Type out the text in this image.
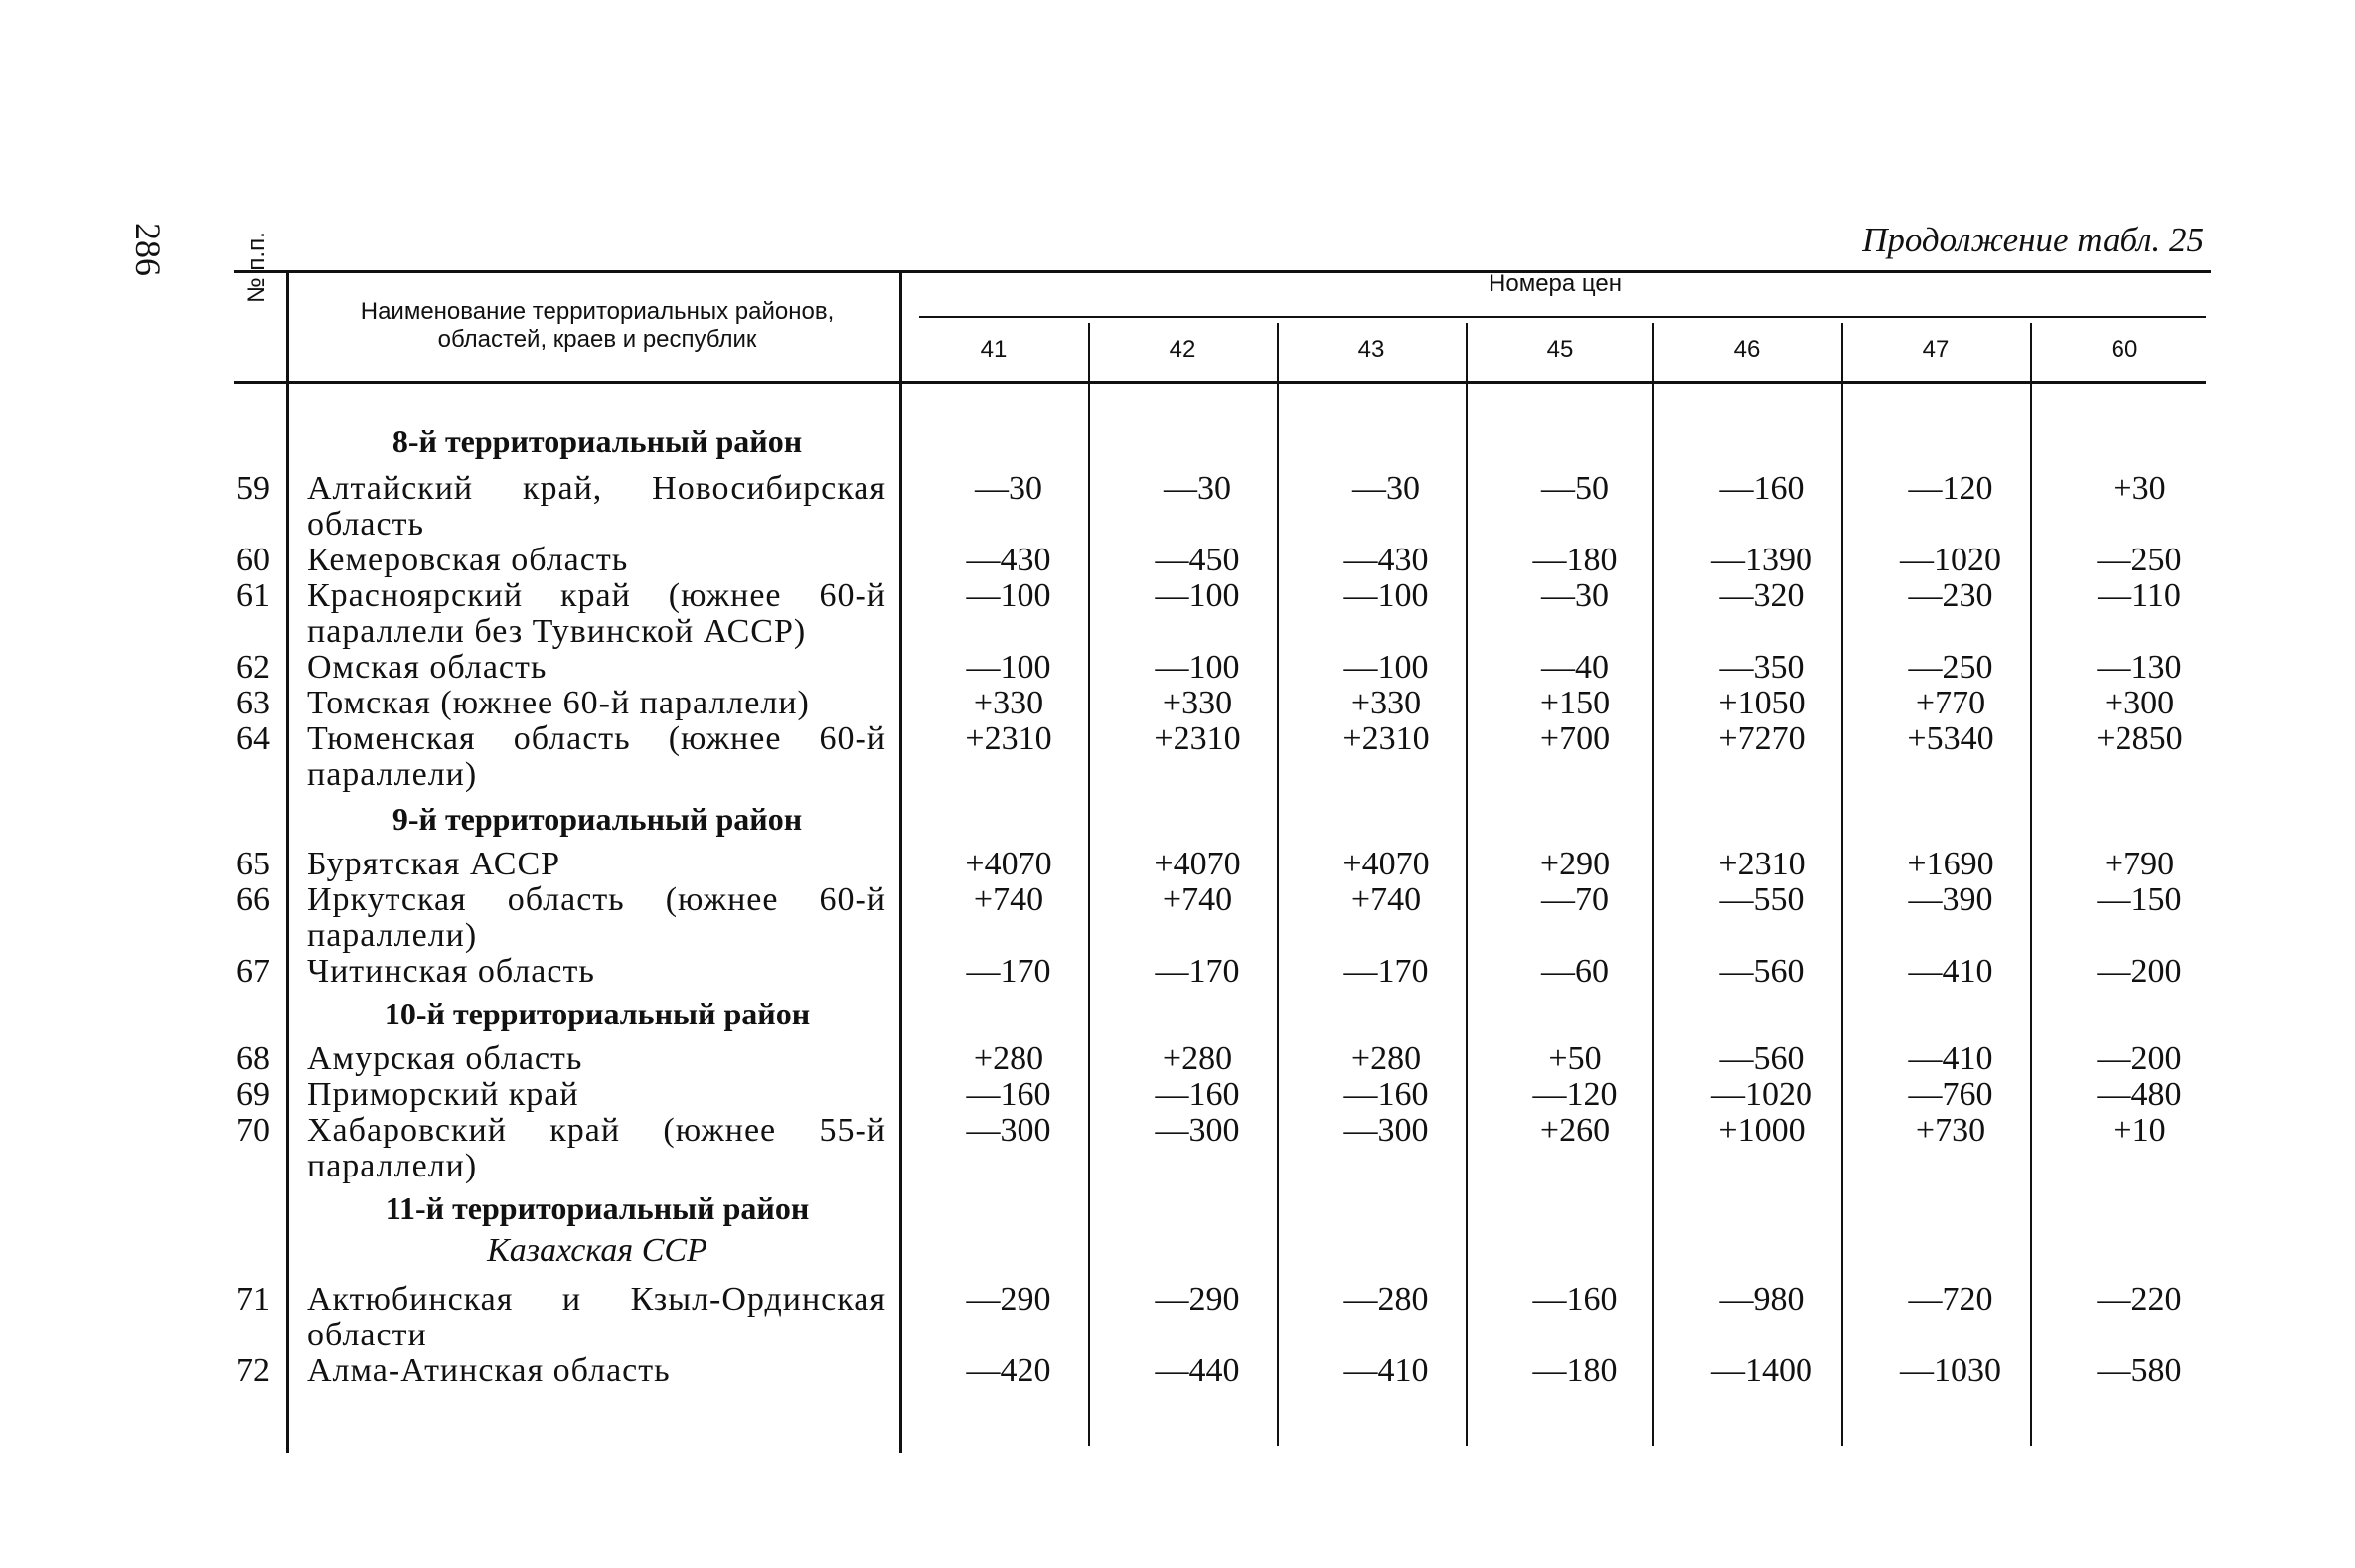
286	Продолжение табл. 25
№ п.п.
Наименование территориальных районов,
областей, краев и республик
Номера цен
41	42	43	45	46	47	60
8-й территориальный район
9-й территориальный район
10-й территориальный район
11-й территориальный район
Казахская ССР
59 Алтайский край, Новосибирская
область
—30	—30	—30	—50	—160	—120	+30
60 Кемеровская область	—430	—450	—430	—180	—1390	—1020	—250
61 Красноярский край (южнее 60-й
параллели без Тувинской АССР)
—100	—100	—100	—30	—320	—230	—110
62 Омская область	—100	—100	—100	—40	—350	—250	—130
63 Томская (южнее 60-й параллели)	+330	+330	+330	+150	+1050	+770	+300
64 Тюменская область (южнее 60-й
параллели)
+2310	+2310	+2310	+700	+7270	+5340	+2850
65 Бурятская АССР	+4070	+4070	+4070	+290	+2310	+1690	+790
66 Иркутская область (южнее 60-й
параллели)
+740	+740	+740	—70	—550	—390	—150
67 Читинская область	—170	—170	—170	—60	—560	—410	—200
68 Амурская область	+280	+280	+280	+50	—560	—410	—200
69 Приморский край	—160	—160	—160	—120	—1020	—760	—480
70 Хабаровский край (южнее 55-й
параллели)
—300	—300	—300	+260	+1000	+730	+10
71 Актюбинская и Кзыл-Ординская
области
—290	—290	—280	—160	—980	—720	—220
72 Алма-Атинская область	—420	—440	—410	—180	—1400	—1030	—580
